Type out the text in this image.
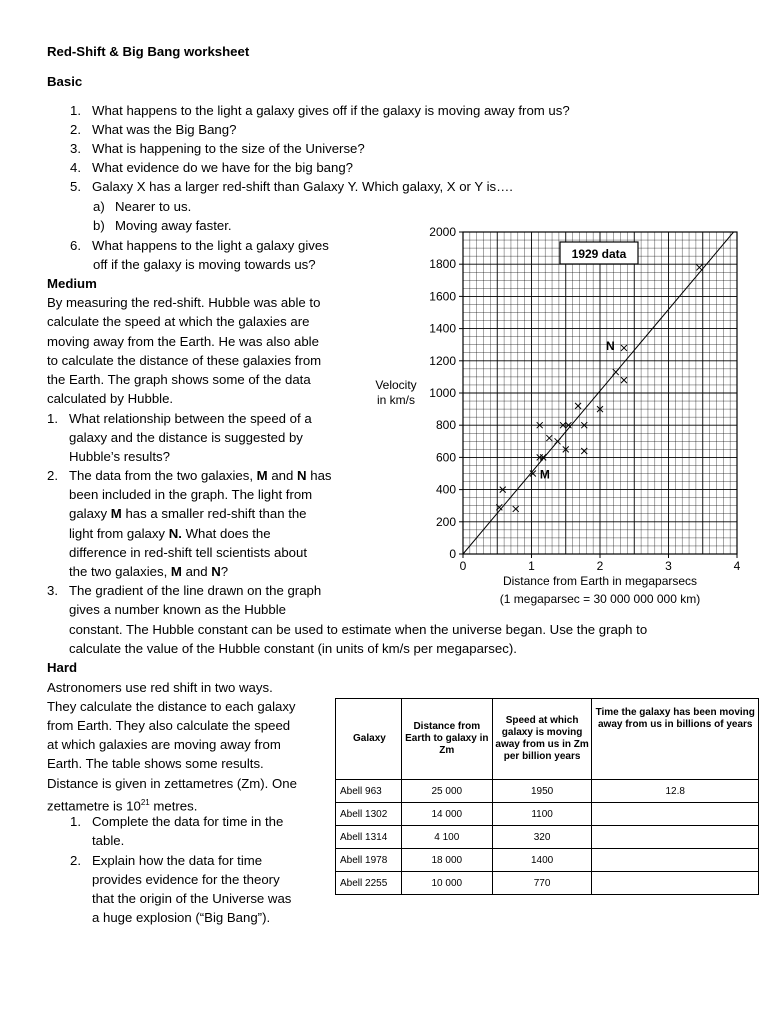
Red-Shift & Big Bang worksheet
Basic
1. What happens to the light a galaxy gives off if the galaxy is moving away from us?
2. What was the Big Bang?
3. What is happening to the size of the Universe?
4. What evidence do we have for the big bang?
5. Galaxy X has a larger red-shift than Galaxy Y. Which galaxy, X or Y is….
a) Nearer to us.
b) Moving away faster.
6. What happens to the light a galaxy gives
off if the galaxy is moving towards us?
Medium
By measuring the red-shift. Hubble was able to
calculate the speed at which the galaxies are
moving away from the Earth. He was also able
to calculate the distance of these galaxies from
the Earth. The graph shows some of the data
calculated by Hubble.
1. What relationship between the speed of a
galaxy and the distance is suggested by
Hubble’s results?
2. The data from the two galaxies, M and N has
been included in the graph. The light from
galaxy M has a smaller red-shift than the
light from galaxy N. What does the
difference in red-shift tell scientists about
the two galaxies, M and N?
3. The gradient of the line drawn on the graph
gives a number known as the Hubble
constant. The Hubble constant can be used to estimate when the universe began. Use the graph to
calculate the value of the Hubble constant (in units of km/s per megaparsec).
Hard
Astronomers use red shift in two ways.
They calculate the distance to each galaxy
from Earth. They also calculate the speed
at which galaxies are moving away from
Earth. The table shows some results.
Distance is given in zettametres (Zm). One
zettametre is $10^{21}$ metres.
1. Complete the data for time in the
table.
2. Explain how the data for time
provides evidence for the theory
that the origin of the Universe was
a huge explosion (“Big Bang”).
Galaxy	Distance from Earth to galaxy in Zm	Speed at which galaxy is moving away from us in Zm per billion years	Time the galaxy has been moving away from us in billions of years
Abell 963	25 000	1950	12.8
Abell 1302	14 000	1100	
Abell 1314	4 100	320	
Abell 1978	18 000	1400	
Abell 2255	10 000	770	
0	1	2	3	4
0
200
400
600
800
1000
1200
1400
1600
1800
2000
M
N
1929 data
Velocity
in km/s
Distance from Earth in megaparsecs
(1 megaparsec = 30 000 000 000 km)
